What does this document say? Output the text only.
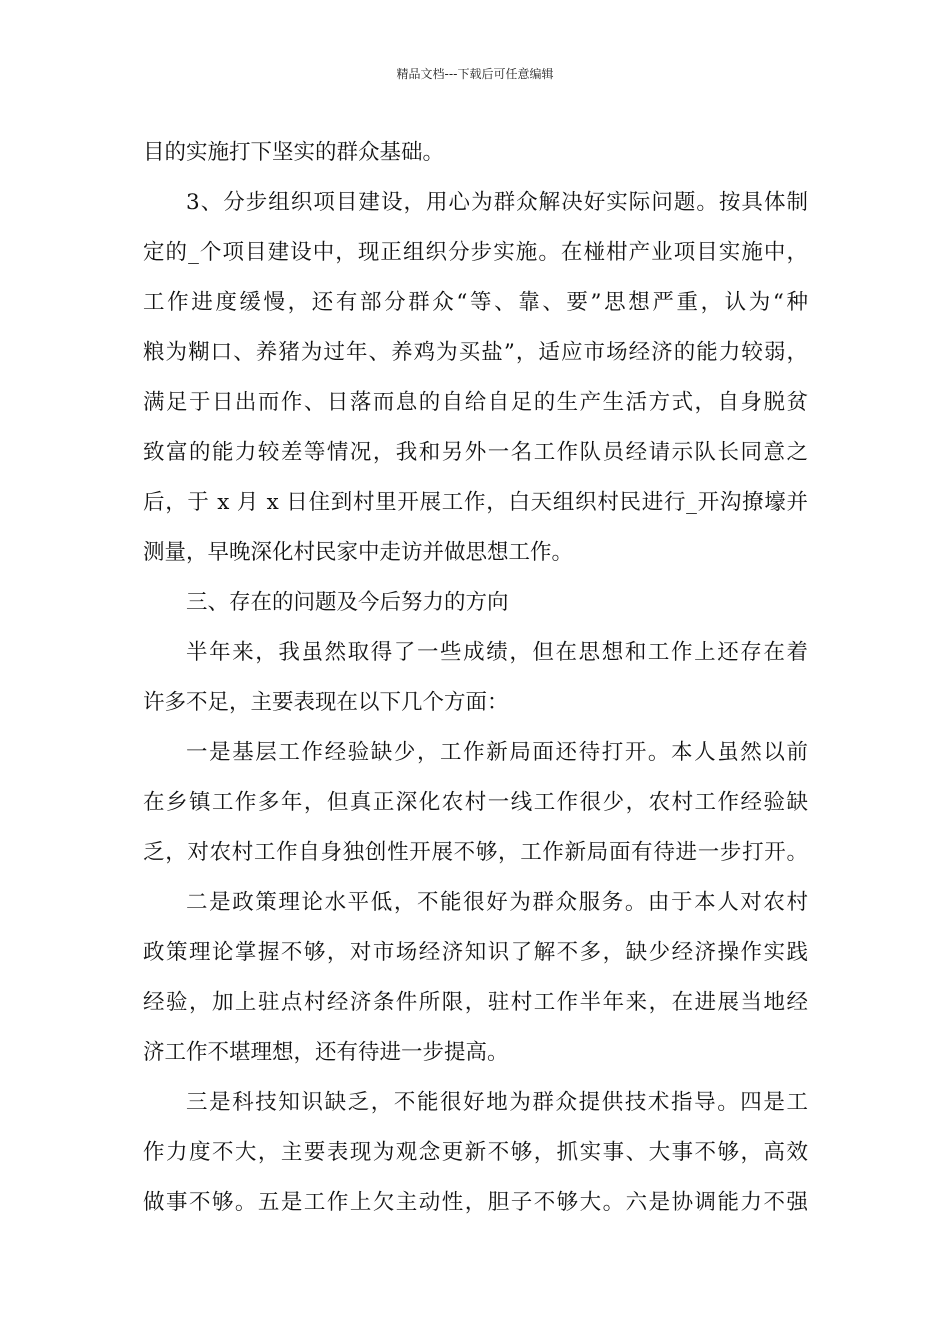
精品文档---下载后可任意编辑
目的实施打下坚实的群众基础。
3、分步组织项目建设，用心为群众解决好实际问题。按具体制
定的_个项目建设中，现正组织分步实施。在椪柑产业项目实施中，
工作进度缓慢，还有部分群众“等、靠、要”思想严重，认为“种
粮为糊口、养猪为过年、养鸡为买盐”，适应市场经济的能力较弱，
满足于日出而作、日落而息的自给自足的生产生活方式，自身脱贫
致富的能力较差等情况，我和另外一名工作队员经请示队长同意之
后，于 x 月 x 日住到村里开展工作，白天组织村民进行_开沟撩壕并
测量，早晚深化村民家中走访并做思想工作。
三、存在的问题及今后努力的方向
半年来，我虽然取得了一些成绩，但在思想和工作上还存在着
许多不足，主要表现在以下几个方面：
一是基层工作经验缺少，工作新局面还待打开。本人虽然以前
在乡镇工作多年，但真正深化农村一线工作很少，农村工作经验缺
乏，对农村工作自身独创性开展不够，工作新局面有待进一步打开。
二是政策理论水平低，不能很好为群众服务。由于本人对农村
政策理论掌握不够，对市场经济知识了解不多，缺少经济操作实践
经验，加上驻点村经济条件所限，驻村工作半年来，在进展当地经
济工作不堪理想，还有待进一步提高。
三是科技知识缺乏，不能很好地为群众提供技术指导。四是工
作力度不大，主要表现为观念更新不够，抓实事、大事不够，高效
做事不够。五是工作上欠主动性，胆子不够大。六是协调能力不强
